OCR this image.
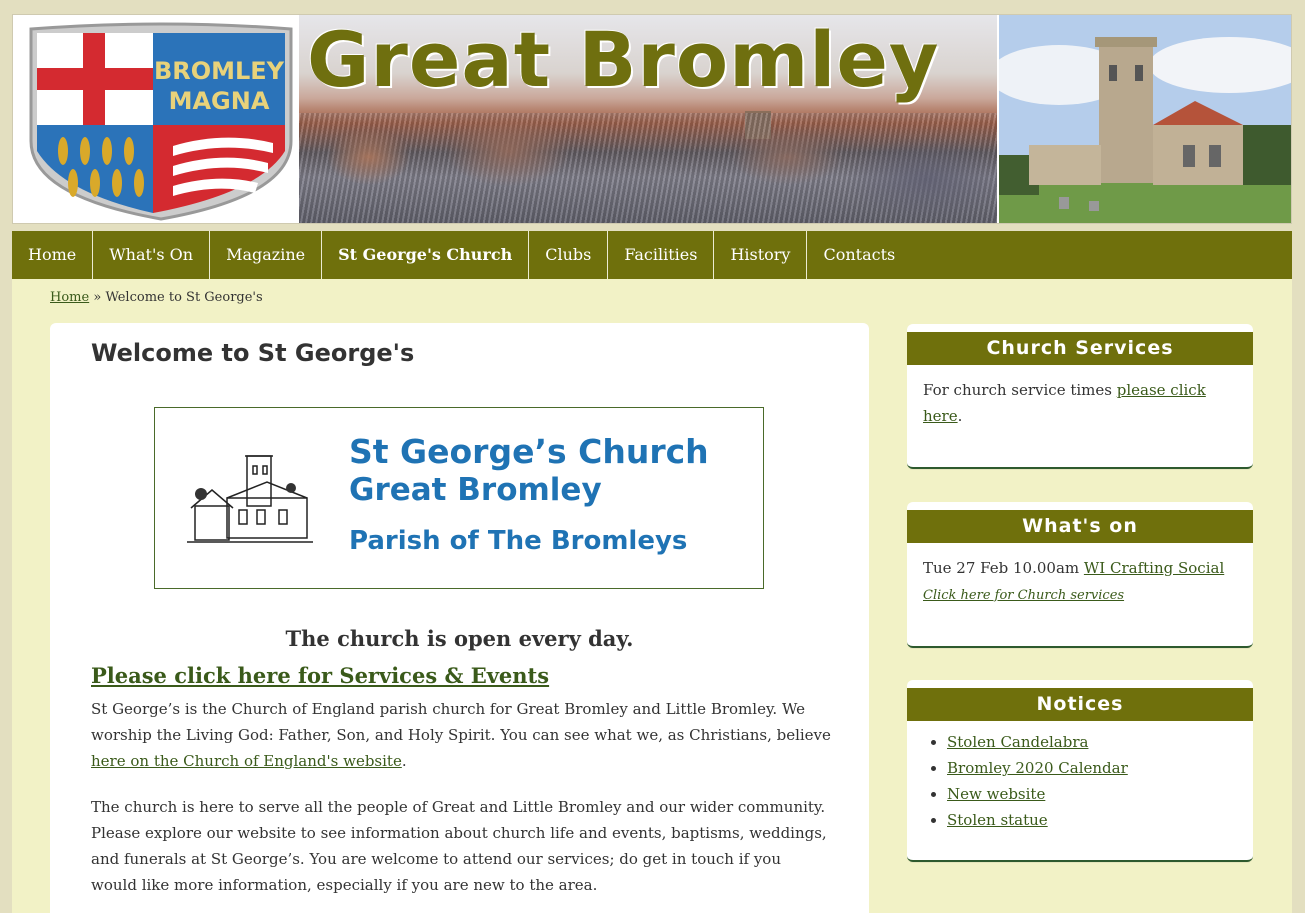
BROMLEY
MAGNA Great Bromley
Home	What's On	Magazine	St George's Church	Clubs	Facilities	History	Contacts
Home » Welcome to St George's
Welcome to St George's
St George’s Church
Great Bromley
Parish of The Bromleys
The church is open every day.
Please click here for Services & Events

St George’s is the Church of England parish church for Great Bromley and Little Bromley. We worship the Living God: Father, Son, and Holy Spirit. You can see what we, as Christians, believe here on the Church of England's website.

The church is here to serve all the people of Great and Little Bromley and our wider community. Please explore our website to see information about church life and events, baptisms, weddings, and funerals at St George’s. You are welcome to attend our services; do get in touch if you would like more information, especially if you are new to the area.

Church Services
For church service times please click here.
What's on
Tue 27 Feb 10.00am WI Crafting Social
Click here for Church services
Notices
• Stolen Candelabra
• Bromley 2020 Calendar
• New website
• Stolen statue
